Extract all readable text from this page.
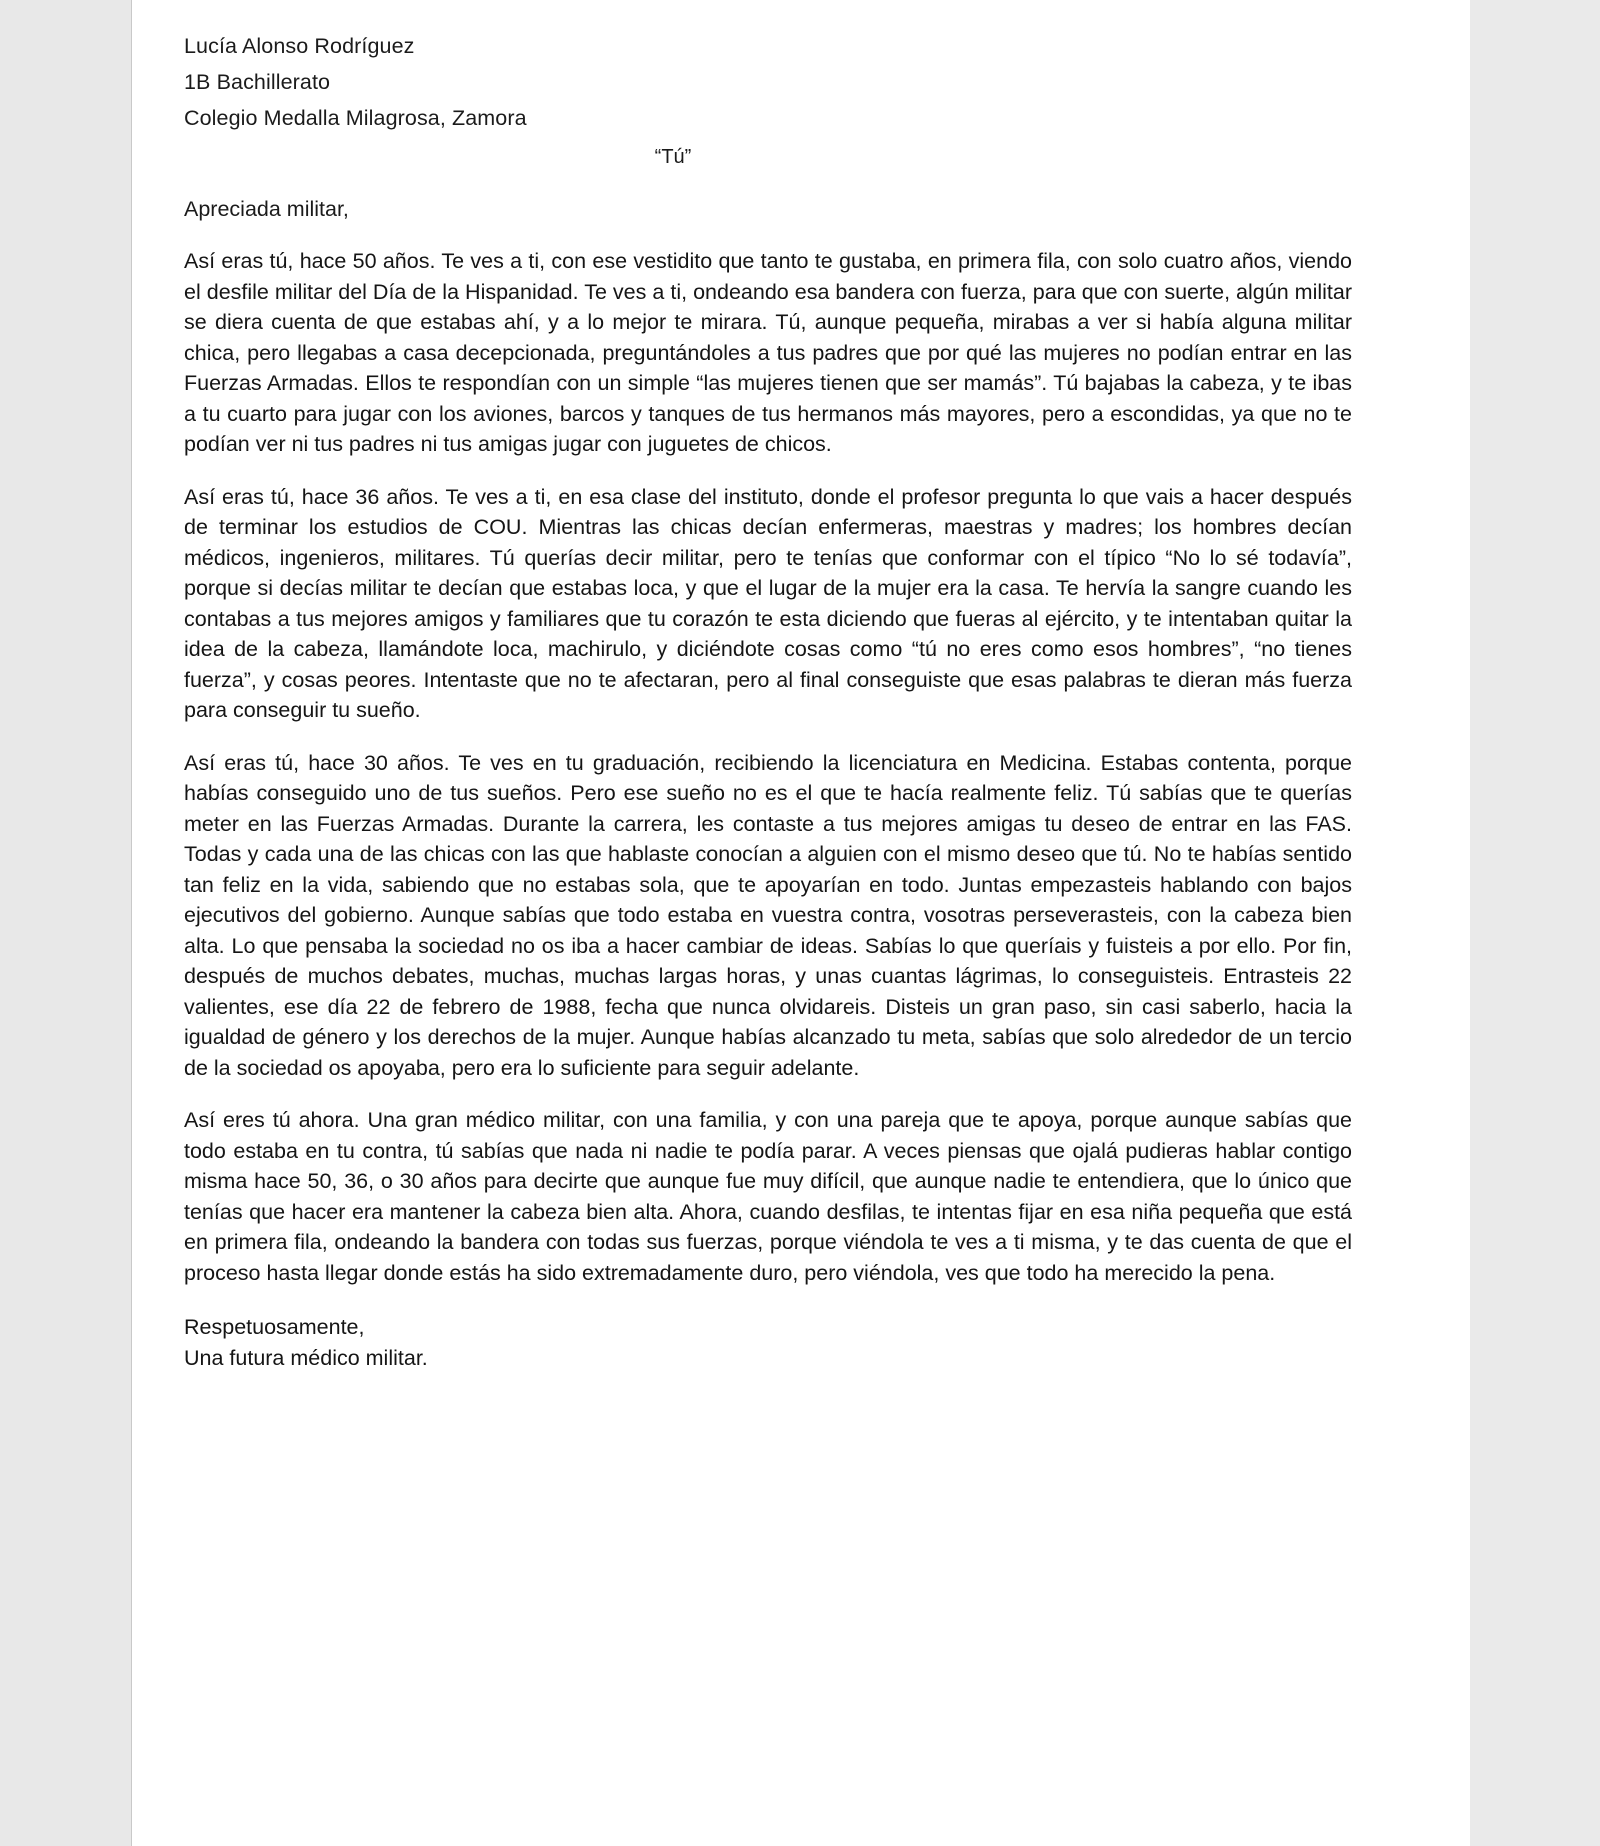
Lucía Alonso Rodríguez
1B Bachillerato
Colegio Medalla Milagrosa, Zamora
“Tú”
Apreciada militar,

Así eras tú, hace 50 años. Te ves a ti, con ese vestidito que tanto te gustaba, en primera fila, con solo cuatro años, viendo el desfile militar del Día de la Hispanidad. Te ves a ti, ondeando esa bandera con fuerza, para que con suerte, algún militar se diera cuenta de que estabas ahí, y a lo mejor te mirara. Tú, aunque pequeña, mirabas a ver si había alguna militar chica, pero llegabas a casa decepcionada, preguntándoles a tus padres que por qué las mujeres no podían entrar en las Fuerzas Armadas. Ellos te respondían con un simple “las mujeres tienen que ser mamás”. Tú bajabas la cabeza, y te ibas a tu cuarto para jugar con los aviones, barcos y tanques de tus hermanos más mayores, pero a escondidas, ya que no te podían ver ni tus padres ni tus amigas jugar con juguetes de chicos.

Así eras tú, hace 36 años. Te ves a ti, en esa clase del instituto, donde el profesor pregunta lo que vais a hacer después de terminar los estudios de COU. Mientras las chicas decían enfermeras, maestras y madres; los hombres decían médicos, ingenieros, militares. Tú querías decir militar, pero te tenías que conformar con el típico “No lo sé todavía”, porque si decías militar te decían que estabas loca, y que el lugar de la mujer era la casa. Te hervía la sangre cuando les contabas a tus mejores amigos y familiares que tu corazón te esta diciendo que fueras al ejército, y te intentaban quitar la idea de la cabeza, llamándote loca, machirulo, y diciéndote cosas como “tú no eres como esos hombres”, “no tienes fuerza”, y cosas peores. Intentaste que no te afectaran, pero al final conseguiste que esas palabras te dieran más fuerza para conseguir tu sueño.

Así eras tú, hace 30 años. Te ves en tu graduación, recibiendo la licenciatura en Medicina. Estabas contenta, porque habías conseguido uno de tus sueños. Pero ese sueño no es el que te hacía realmente feliz. Tú sabías que te querías meter en las Fuerzas Armadas. Durante la carrera, les contaste a tus mejores amigas tu deseo de entrar en las FAS. Todas y cada una de las chicas con las que hablaste conocían a alguien con el mismo deseo que tú. No te habías sentido tan feliz en la vida, sabiendo que no estabas sola, que te apoyarían en todo. Juntas empezasteis hablando con bajos ejecutivos del gobierno. Aunque sabías que todo estaba en vuestra contra, vosotras perseverasteis, con la cabeza bien alta. Lo que pensaba la sociedad no os iba a hacer cambiar de ideas. Sabías lo que queríais y fuisteis a por ello. Por fin, después de muchos debates, muchas, muchas largas horas, y unas cuantas lágrimas, lo conseguisteis. Entrasteis 22 valientes, ese día 22 de febrero de 1988, fecha que nunca olvidareis. Disteis un gran paso, sin casi saberlo, hacia la igualdad de género y los derechos de la mujer. Aunque habías alcanzado tu meta, sabías que solo alrededor de un tercio de la sociedad os apoyaba, pero era lo suficiente para seguir adelante.

Así eres tú ahora. Una gran médico militar, con una familia, y con una pareja que te apoya, porque aunque sabías que todo estaba en tu contra, tú sabías que nada ni nadie te podía parar. A veces piensas que ojalá pudieras hablar contigo misma hace 50, 36, o 30 años para decirte que aunque fue muy difícil, que aunque nadie te entendiera, que lo único que tenías que hacer era mantener la cabeza bien alta. Ahora, cuando desfilas, te intentas fijar en esa niña pequeña que está en primera fila, ondeando la bandera con todas sus fuerzas, porque viéndola te ves a ti misma, y te das cuenta de que el proceso hasta llegar donde estás ha sido extremadamente duro, pero viéndola, ves que todo ha merecido la pena.

Respetuosamente,
Una futura médico militar.
